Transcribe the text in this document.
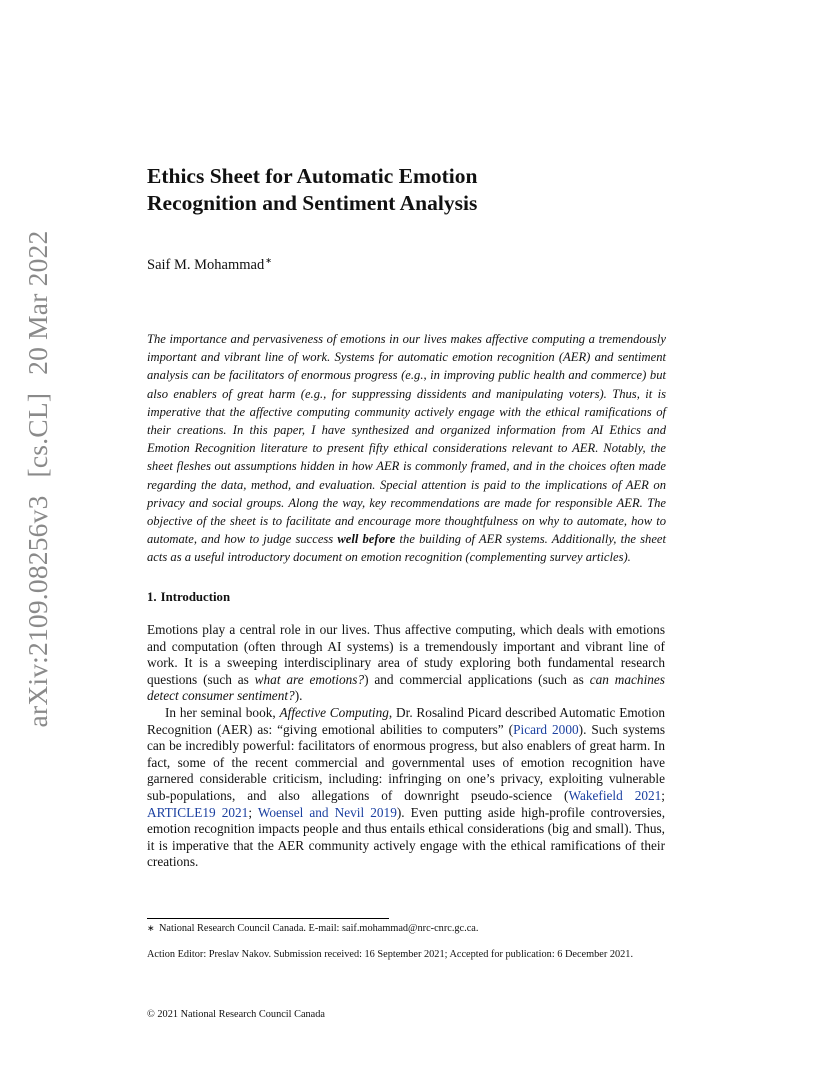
arXiv:2109.08256v3[cs.CL]20 Mar 2022
Ethics Sheet for Automatic Emotion
Recognition and Sentiment Analysis
Saif M. Mohammad∗

The importance and pervasiveness of emotions in our lives makes affective computing a tremendously important and vibrant line of work. Systems for automatic emotion recognition (AER) and sentiment analysis can be facilitators of enormous progress (e.g., in improving public health and commerce) but also enablers of great harm (e.g., for suppressing dissidents and manipulating voters). Thus, it is imperative that the affective computing community actively engage with the ethical ramifications of their creations. In this paper, I have synthesized and organized information from AI Ethics and Emotion Recognition literature to present fifty ethical considerations relevant to AER. Notably, the sheet fleshes out assumptions hidden in how AER is commonly framed, and in the choices often made regarding the data, method, and evaluation. Special attention is paid to the implications of AER on privacy and social groups. Along the way, key recommendations are made for responsible AER. The objective of the sheet is to facilitate and encourage more thoughtfulness on why to automate, how to automate, and how to judge success well before the building of AER systems. Additionally, the sheet acts as a useful introductory document on emotion recognition (complementing survey articles).

1. Introduction

Emotions play a central role in our lives. Thus affective computing, which deals with emotions and computation (often through AI systems) is a tremendously important and vibrant line of work. It is a sweeping interdisciplinary area of study exploring both fundamental research questions (such as what are emotions?) and commercial applications (such as can machines detect consumer sentiment?).

In her seminal book, Affective Computing, Dr. Rosalind Picard described Automatic Emotion Recognition (AER) as: “giving emotional abilities to computers” (Picard 2000). Such systems can be incredibly powerful: facilitators of enormous progress, but also enablers of great harm. In fact, some of the recent commercial and governmental uses of emotion recognition have garnered considerable criticism, including: infringing on one’s privacy, exploiting vulnerable sub-populations, and also allegations of downright pseudo-science (Wakefield 2021; ARTICLE19 2021; Woensel and Nevil 2019). Even putting aside high-profile controversies, emotion recognition impacts people and thus entails ethical considerations (big and small). Thus, it is imperative that the AER community actively engage with the ethical ramifications of their creations.

∗ National Research Council Canada. E-mail: saif.mohammad@nrc-cnrc.gc.ca.
Action Editor: Preslav Nakov. Submission received: 16 September 2021; Accepted for publication: 6 December 2021.
© 2021 National Research Council Canada
